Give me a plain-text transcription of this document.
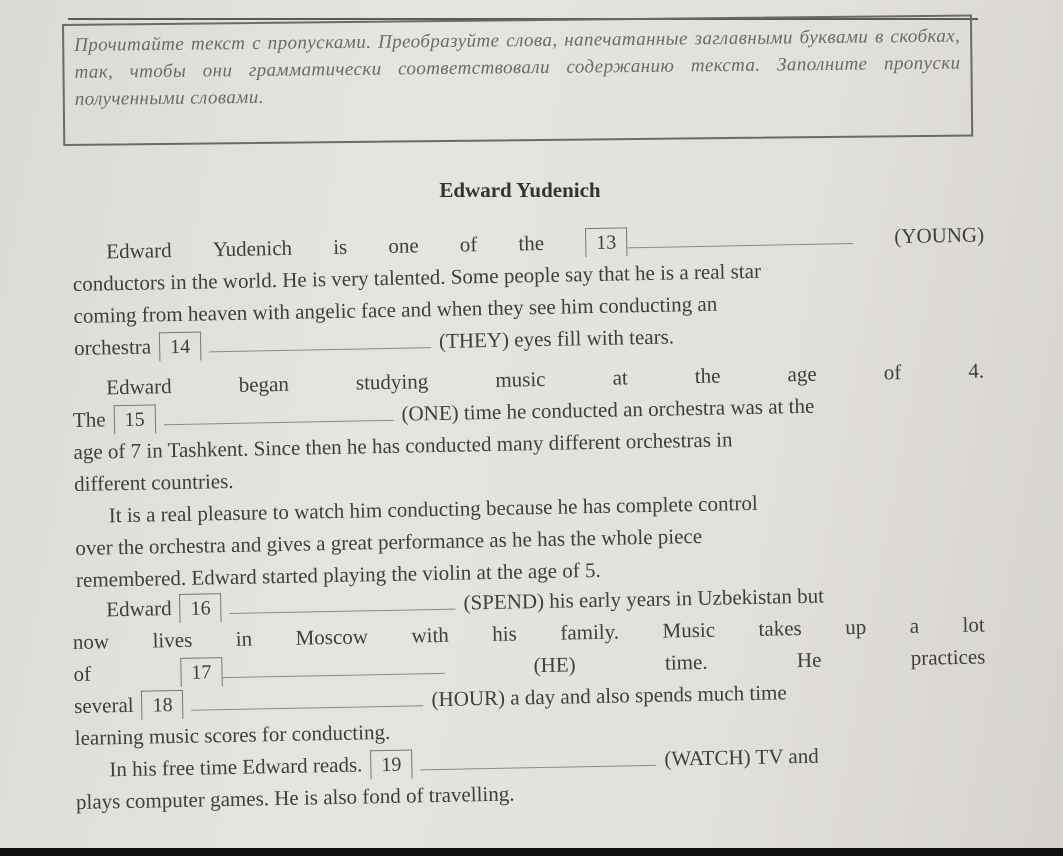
Прочитайте текст с пропусками. Преобразуйте слова, напечатанные заглавными буквами в скобках, так, чтобы они грамматически соответствовали содержанию текста. Заполните пропуски полученными словами.
Edward Yudenich
Edward Yudenich is one of the	13	(YOUNG)
conductors in the world. He is very talented. Some people say that he is a real star
coming from heaven with angelic face and when they see him conducting an
orchestra 14	(THEY) eyes fill with tears.
Edward	began	studying	music	at	the	age	of	4.
The 15	(ONE) time he conducted an orchestra was at the
age of 7 in Tashkent. Since then he has conducted many different orchestras in
different countries.
It is a real pleasure to watch him conducting because he has complete control
over the orchestra and gives a great performance as he has the whole piece
remembered. Edward started playing the violin at the age of 5.
Edward 16	(SPEND) his early years in Uzbekistan but
now lives in Moscow with his family. Music takes up a lot
of	17	(HE)	time.	He	practices
several 18	(HOUR) a day and also spends much time
learning music scores for conducting.
In his free time Edward reads. 19	(WATCH) TV and
plays computer games. He is also fond of travelling.
